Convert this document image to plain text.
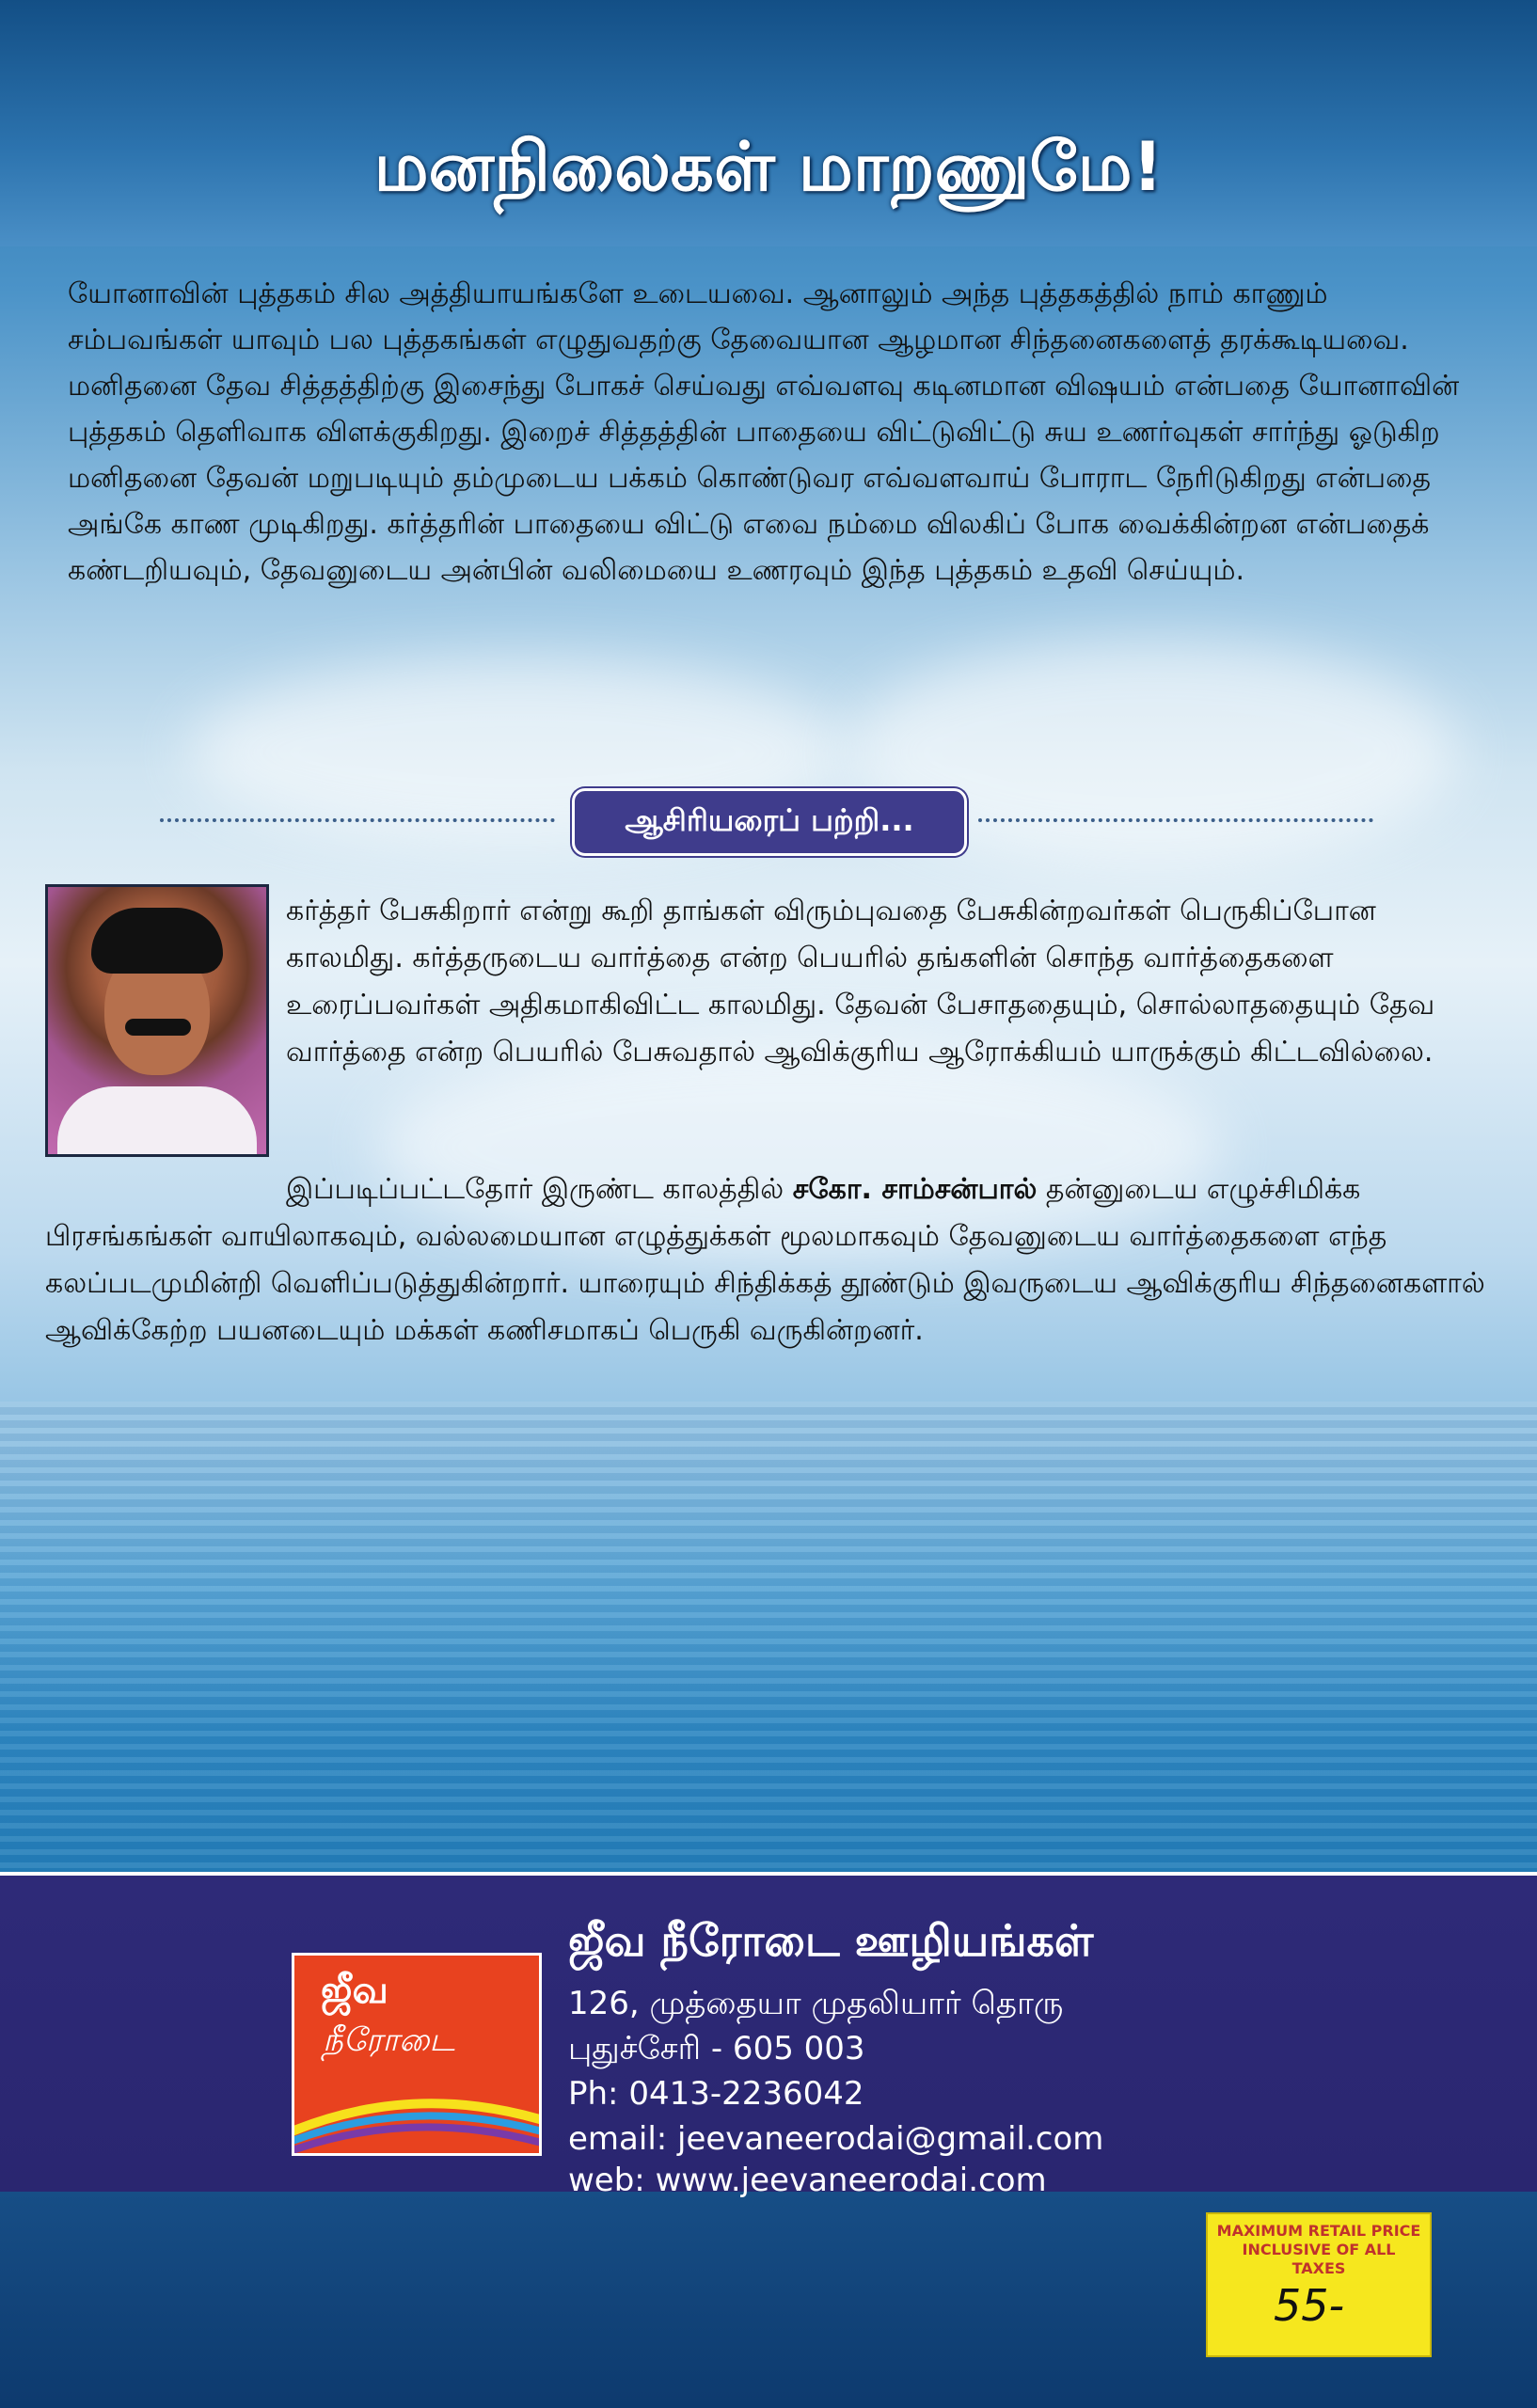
மனநிலைகள் மாறணுமே!
யோனாவின் புத்தகம் சில அத்தியாயங்களே உடையவை. ஆனாலும் அந்த புத்தகத்தில் நாம் காணும் சம்பவங்கள் யாவும் பல புத்தகங்கள் எழுதுவதற்கு தேவையான ஆழமான சிந்தனைகளைத் தரக்கூடியவை. மனிதனை தேவ சித்தத்திற்கு இசைந்து போகச் செய்வது எவ்வளவு கடினமான விஷயம் என்பதை யோனாவின் புத்தகம் தெளிவாக விளக்குகிறது. இறைச் சித்தத்தின் பாதையை விட்டுவிட்டு சுய உணர்வுகள் சார்ந்து ஓடுகிற மனிதனை தேவன் மறுபடியும் தம்முடைய பக்கம் கொண்டுவர எவ்வளவாய் போராட நேரிடுகிறது என்பதை அங்கே காண முடிகிறது. கர்த்தரின் பாதையை விட்டு எவை நம்மை விலகிப் போக வைக்கின்றன என்பதைக் கண்டறியவும், தேவனுடைய அன்பின் வலிமையை உணரவும் இந்த புத்தகம் உதவி செய்யும்.
ஆசிரியரைப் பற்றி...
கர்த்தர் பேசுகிறார் என்று கூறி தாங்கள் விரும்புவதை பேசுகின்றவர்கள் பெருகிப்போன காலமிது. கர்த்தருடைய வார்த்தை என்ற பெயரில் தங்களின் சொந்த வார்த்தைகளை உரைப்பவர்கள் அதிகமாகிவிட்ட காலமிது. தேவன் பேசாததையும், சொல்லாததையும் தேவ வார்த்தை என்ற பெயரில் பேசுவதால் ஆவிக்குரிய ஆரோக்கியம் யாருக்கும் கிட்டவில்லை.
இப்படிப்பட்டதோர் இருண்ட காலத்தில் சகோ. சாம்சன்பால் தன்னுடைய எழுச்சிமிக்க பிரசங்கங்கள் வாயிலாகவும், வல்லமையான எழுத்துக்கள் மூலமாகவும் தேவனுடைய வார்த்தைகளை எந்த கலப்படமுமின்றி வெளிப்படுத்துகின்றார். யாரையும் சிந்திக்கத் தூண்டும் இவருடைய ஆவிக்குரிய சிந்தனைகளால் ஆவிக்கேற்ற பயனடையும் மக்கள் கணிசமாகப் பெருகி வருகின்றனர்.
ஜீவ
நீரோடை
ஜீவ நீரோடை ஊழியங்கள்
126, முத்தையா முதலியார் தொரு
புதுச்சேரி - 605 003
Ph: 0413-2236042
email: jeevaneerodai@gmail.com
web: www.jeevaneerodai.com
MAXIMUM RETAIL PRICE INCLUSIVE OF ALL TAXES
55-
